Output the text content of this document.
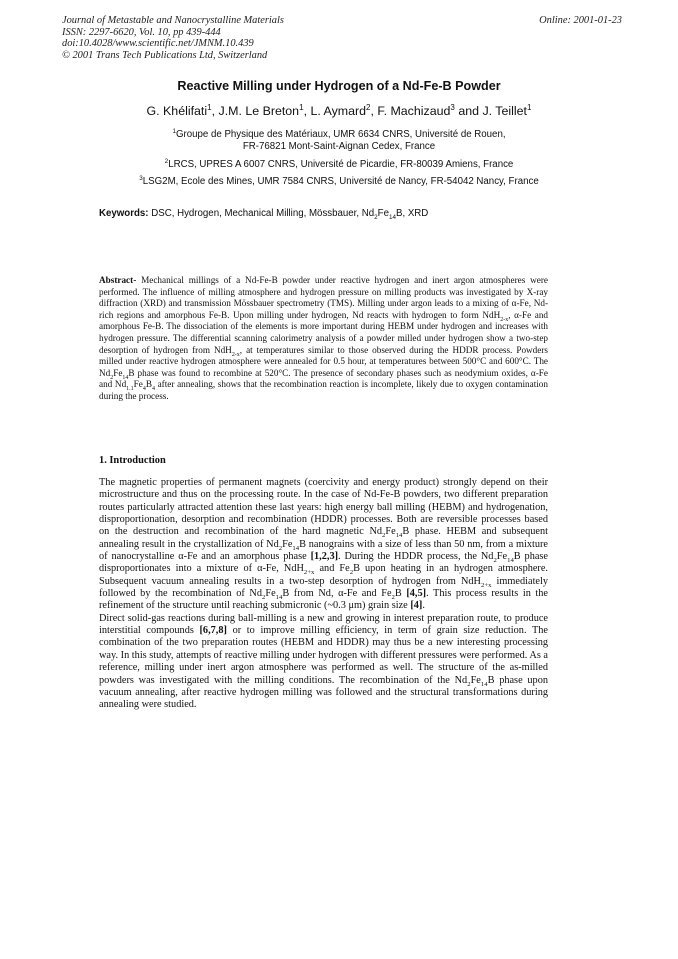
Journal of Metastable and Nanocrystalline Materials
ISSN: 2297-6620, Vol. 10, pp 439-444
doi:10.4028/www.scientific.net/JMNM.10.439
© 2001 Trans Tech Publications Ltd, Switzerland
Online: 2001-01-23
Reactive Milling under Hydrogen of a Nd-Fe-B Powder
G. Khélifati$^1$, J.M. Le Breton$^1$, L. Aymard$^2$, F. Machizaud$^3$ and J. Teillet$^1$
$^1$Groupe de Physique des Matériaux, UMR 6634 CNRS, Université de Rouen,
FR-76821 Mont-Saint-Aignan Cedex, France
$^2$LRCS, UPRES A 6007 CNRS, Université de Picardie, FR-80039 Amiens, France
$^3$LSG2M, Ecole des Mines, UMR 7584 CNRS, Université de Nancy, FR-54042 Nancy, France
Keywords: DSC, Hydrogen, Mechanical Milling, Mössbauer, $Nd_2Fe_{14}B$, XRD
Abstract- Mechanical millings of a Nd-Fe-B powder under reactive hydrogen and inert argon atmospheres were performed. The influence of milling atmosphere and hydrogen pressure on milling products was investigated by X-ray diffraction (XRD) and transmission Mössbauer spectrometry (TMS). Milling under argon leads to a mixing of α-Fe, Nd-rich regions and amorphous Fe-B. Upon milling under hydrogen, Nd reacts with hydrogen to form NdH$_{2-x}$, α-Fe and amorphous Fe-B. The dissociation of the elements is more important during HEBM under hydrogen and increases with hydrogen pressure. The differential scanning calorimetry analysis of a powder milled under hydrogen show a two-step desorption of hydrogen from NdH$_{2-x}$, at temperatures similar to those observed during the HDDR process. Powders milled under reactive hydrogen atmosphere were annealed for 0.5 hour, at temperatures between 500°C and 600°C. The $Nd_2Fe_{14}B$ phase was found to recombine at 520°C. The presence of secondary phases such as neodymium oxides, α-Fe and $Nd_{1.1}Fe_4B_4$ after annealing, shows that the recombination reaction is incomplete, likely due to oxygen contamination during the process.
1. Introduction

The magnetic properties of permanent magnets (coercivity and energy product) strongly depend on their microstructure and thus on the processing route. In the case of Nd-Fe-B powders, two different preparation routes particularly attracted attention these last years: high energy ball milling (HEBM) and hydrogenation, disproportionation, desorption and recombination (HDDR) processes. Both are reversible processes based on the destruction and recombination of the hard magnetic $Nd_2Fe_{14}B$ phase. HEBM and subsequent annealing result in the crystallization of $Nd_2Fe_{14}B$ nanograins with a size of less than 50 nm, from a mixture of nanocrystalline α-Fe and an amorphous phase [1,2,3]. During the HDDR process, the $Nd_2Fe_{14}B$ phase disproportionates into a mixture of α-Fe, NdH$_{2+x}$ and $Fe_2B$ upon heating in an hydrogen atmosphere. Subsequent vacuum annealing results in a two-step desorption of hydrogen from NdH$_{2+x}$ immediately followed by the recombination of $Nd_2Fe_{14}B$ from Nd, α-Fe and $Fe_2B$ [4,5]. This process results in the refinement of the structure until reaching submicronic (~0.3 μm) grain size [4].

Direct solid-gas reactions during ball-milling is a new and growing in interest preparation route, to produce interstitial compounds [6,7,8] or to improve milling efficiency, in term of grain size reduction. The combination of the two preparation routes (HEBM and HDDR) may thus be a new interesting processing way. In this study, attempts of reactive milling under hydrogen with different pressures were performed. As a reference, milling under inert argon atmosphere was performed as well. The structure of the as-milled powders was investigated with the milling conditions. The recombination of the $Nd_2Fe_{14}B$ phase upon vacuum annealing, after reactive hydrogen milling was followed and the structural transformations during annealing were studied.
